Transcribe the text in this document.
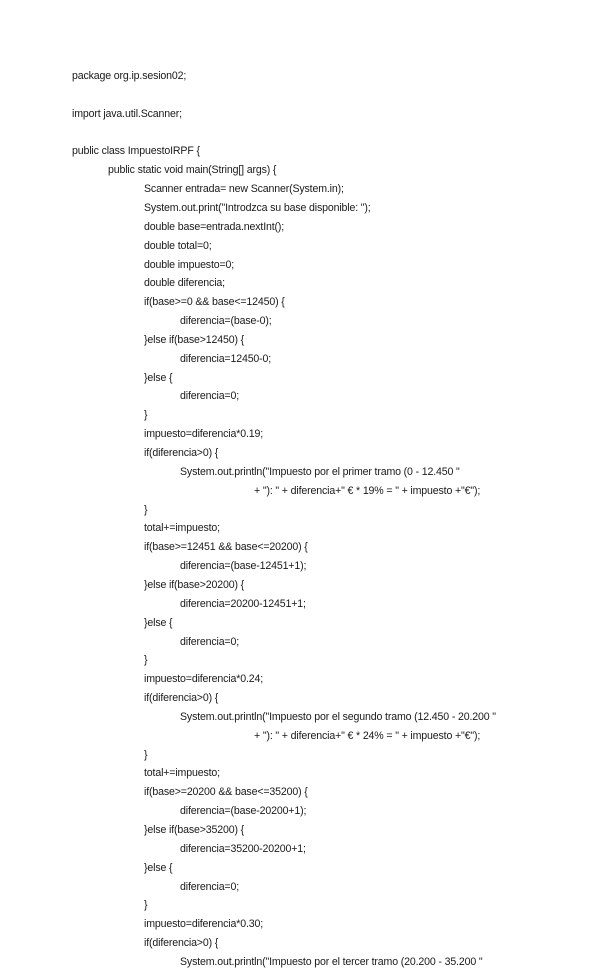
package org.ip.sesion02;
import java.util.Scanner;
public class ImpuestoIRPF {
public static void main(String[] args) {
Scanner entrada= new Scanner(System.in);
System.out.print("Introdzca su base disponible: ");
double base=entrada.nextInt();
double total=0;
double impuesto=0;
double diferencia;
if(base>=0 && base<=12450) {
diferencia=(base-0);
}else if(base>12450) {
diferencia=12450-0;
}else {
diferencia=0;
}
impuesto=diferencia*0.19;
if(diferencia>0) {
System.out.println("Impuesto por el primer tramo (0 - 12.450 "
+ "): " + diferencia+" € * 19% = " + impuesto +"€");
}
total+=impuesto;
if(base>=12451 && base<=20200) {
diferencia=(base-12451+1);
}else if(base>20200) {
diferencia=20200-12451+1;
}else {
diferencia=0;
}
impuesto=diferencia*0.24;
if(diferencia>0) {
System.out.println("Impuesto por el segundo tramo (12.450 - 20.200 "
+ "): " + diferencia+" € * 24% = " + impuesto +"€");
}
total+=impuesto;
if(base>=20200 && base<=35200) {
diferencia=(base-20200+1);
}else if(base>35200) {
diferencia=35200-20200+1;
}else {
diferencia=0;
}
impuesto=diferencia*0.30;
if(diferencia>0) {
System.out.println("Impuesto por el tercer tramo (20.200 - 35.200 "
